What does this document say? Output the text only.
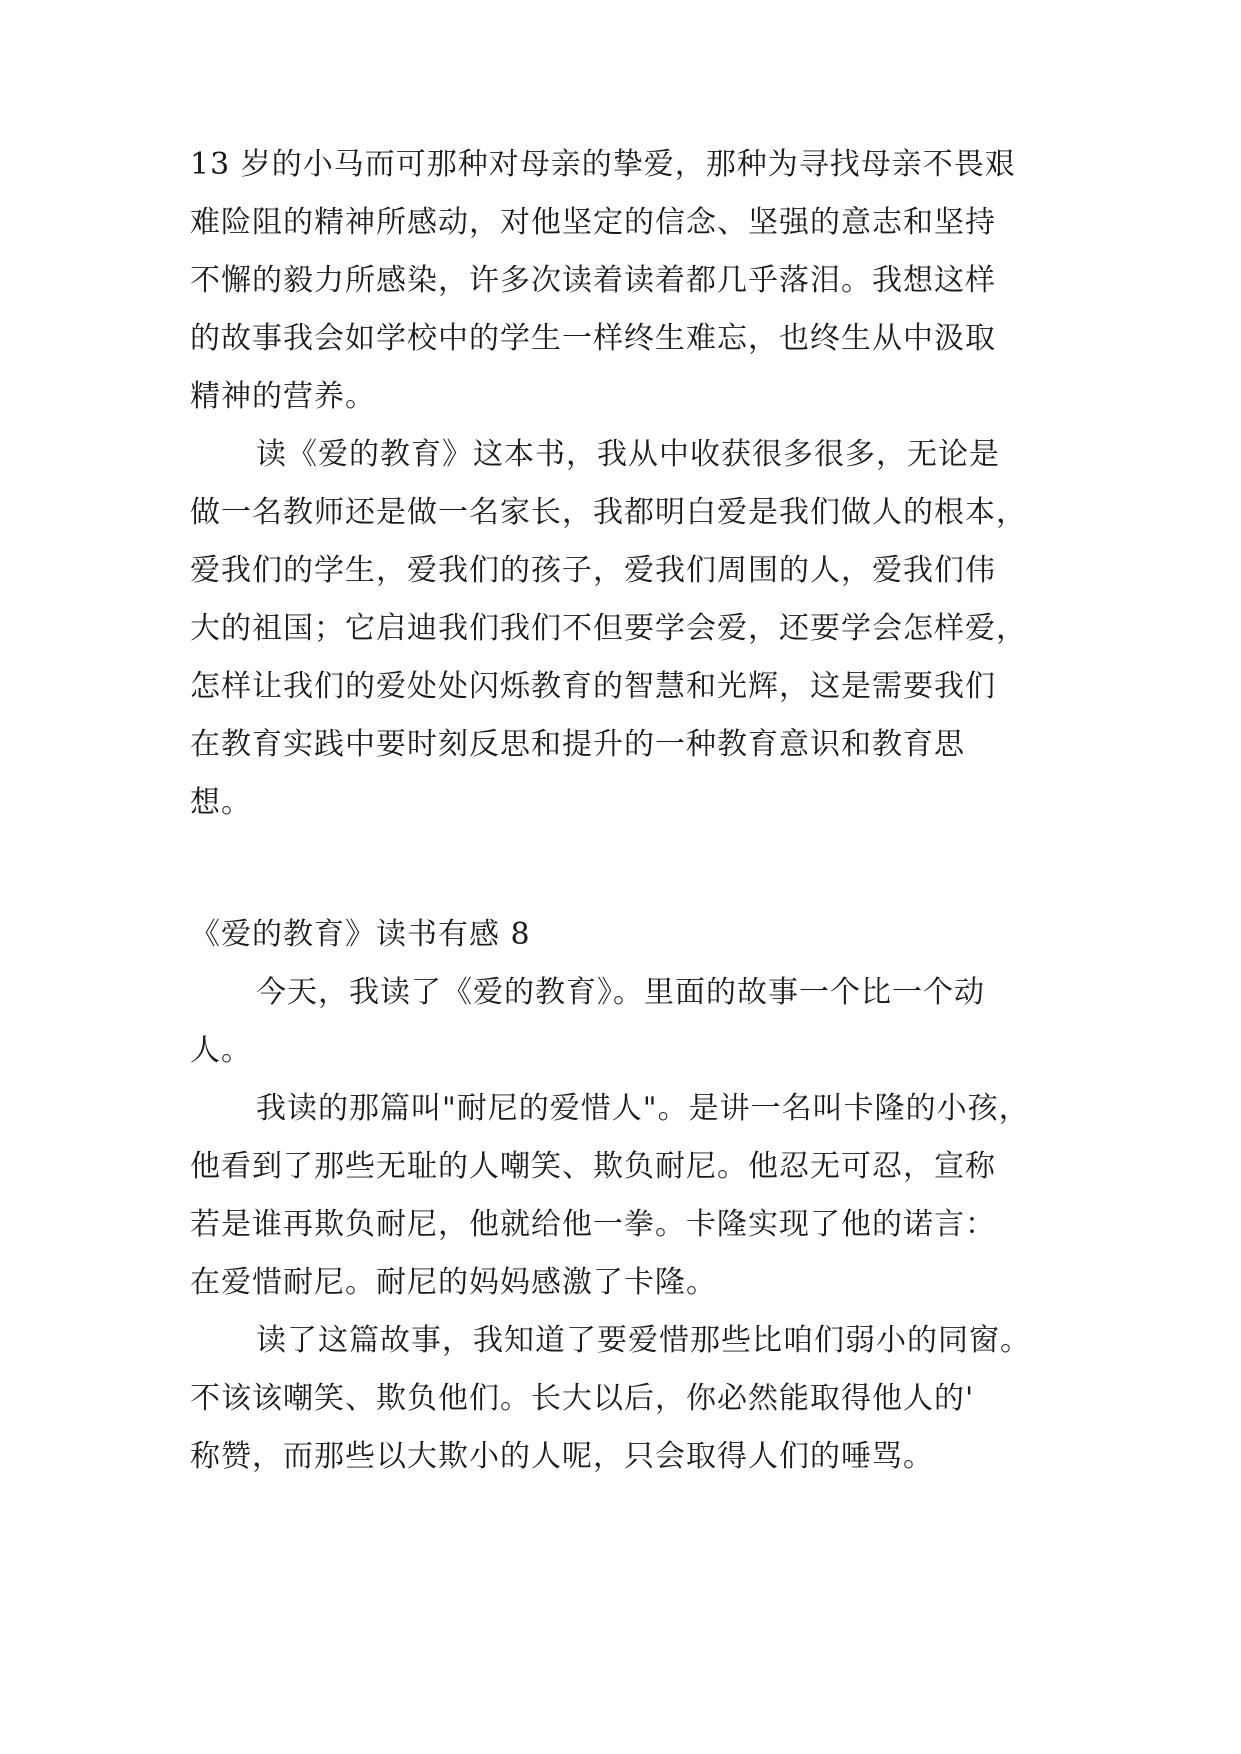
13 岁的小马而可那种对母亲的挚爱，那种为寻找母亲不畏艰
难险阻的精神所感动，对他坚定的信念、坚强的意志和坚持
不懈的毅力所感染，许多次读着读着都几乎落泪。我想这样
的故事我会如学校中的学生一样终生难忘，也终生从中汲取
精神的营养。
读《爱的教育》这本书，我从中收获很多很多，无论是
做一名教师还是做一名家长，我都明白爱是我们做人的根本，
爱我们的学生，爱我们的孩子，爱我们周围的人，爱我们伟
大的祖国；它启迪我们我们不但要学会爱，还要学会怎样爱，
怎样让我们的爱处处闪烁教育的智慧和光辉，这是需要我们
在教育实践中要时刻反思和提升的一种教育意识和教育思
想。
《爱的教育》读书有感 8
今天，我读了《爱的教育》。里面的故事一个比一个动
人。
我读的那篇叫"耐尼的爱惜人"。是讲一名叫卡隆的小孩，
他看到了那些无耻的人嘲笑、欺负耐尼。他忍无可忍，宣称
若是谁再欺负耐尼，他就给他一拳。卡隆实现了他的诺言：
在爱惜耐尼。耐尼的妈妈感激了卡隆。
读了这篇故事，我知道了要爱惜那些比咱们弱小的同窗。
不该该嘲笑、欺负他们。长大以后，你必然能取得他人的'
称赞，而那些以大欺小的人呢，只会取得人们的唾骂。
